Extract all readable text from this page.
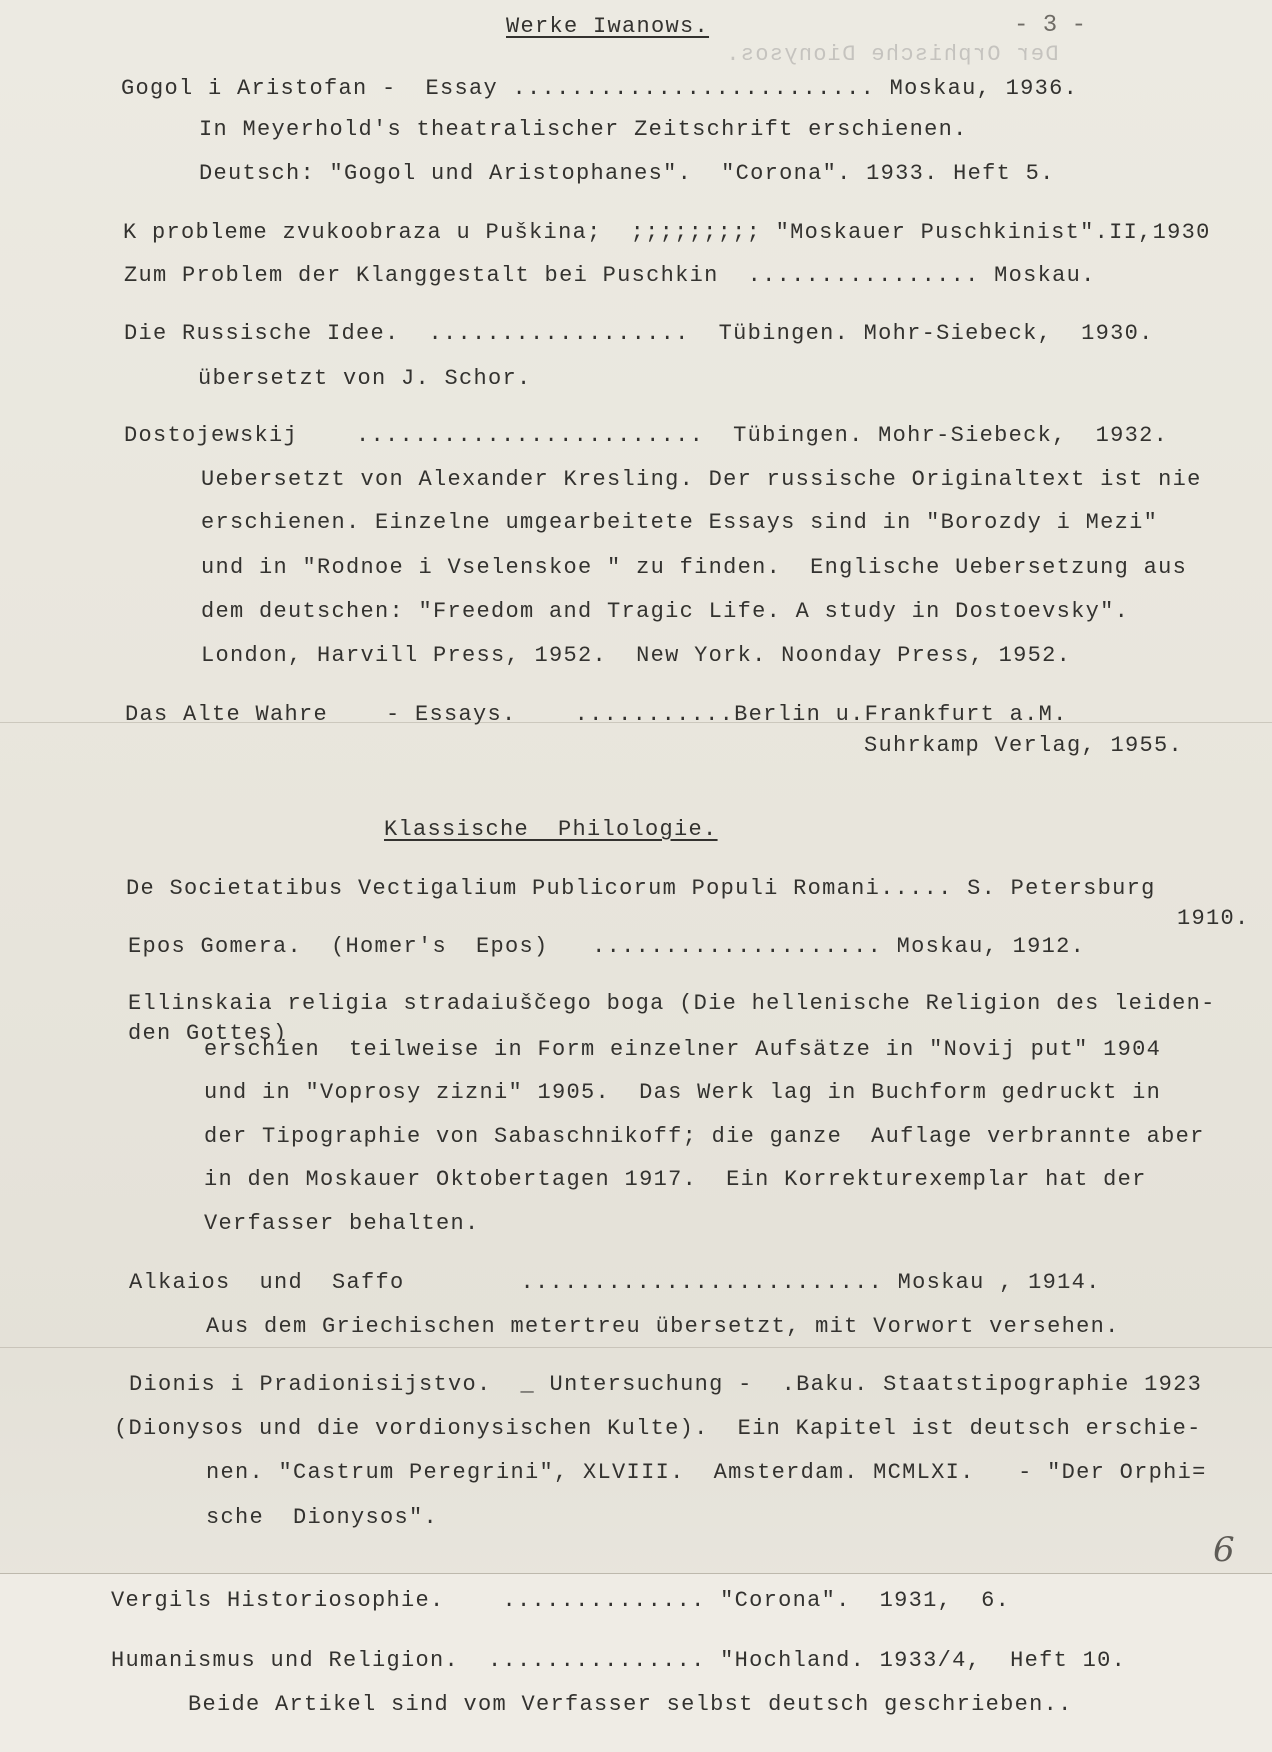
Der Orphische Dionysos.
Werke Iwanows.	- 3 -
Gogol i Aristofan -  Essay ......................... Moskau, 1936.
In Meyerhold's theatralischer Zeitschrift erschienen.
Deutsch: "Gogol und Aristophanes".  "Corona". 1933. Heft 5.
K probleme zvukoobraza u Puškina;  ;;;;;;;;; "Moskauer Puschkinist".II,1930
Zum Problem der Klanggestalt bei Puschkin  ................ Moskau.
Die Russische Idee.  ..................  Tübingen. Mohr-Siebeck,  1930.
übersetzt von J. Schor.
Dostojewskij    ........................  Tübingen. Mohr-Siebeck,  1932.
Uebersetzt von Alexander Kresling. Der russische Originaltext ist nie
erschienen. Einzelne umgearbeitete Essays sind in "Borozdy i Mezi"
und in "Rodnoe i Vselenskoe " zu finden.  Englische Uebersetzung aus
dem deutschen: "Freedom and Tragic Life. A study in Dostoevsky".
London, Harvill Press, 1952.  New York. Noonday Press, 1952.
Das Alte Wahre    - Essays.    ...........Berlin u.Frankfurt a.M.
Suhrkamp Verlag, 1955.
Klassische  Philologie.
De Societatibus Vectigalium Publicorum Populi Romani..... S. Petersburg
1910.
Epos Gomera.  (Homer's  Epos)   .................... Moskau, 1912.
Ellinskaia religia stradaiuščego boga (Die hellenische Religion des leiden-
den Gottes)
erschien  teilweise in Form einzelner Aufsätze in "Novij put" 1904
und in "Voprosy zizni" 1905.  Das Werk lag in Buchform gedruckt in
der Tipographie von Sabaschnikoff; die ganze  Auflage verbrannte aber
in den Moskauer Oktobertagen 1917.  Ein Korrekturexemplar hat der
Verfasser behalten.
Alkaios  und  Saffo        ......................... Moskau , 1914.
Aus dem Griechischen metertreu übersetzt, mit Vorwort versehen.
Dionis i Pradionisijstvo.  _ Untersuchung -  .Baku. Staatstipographie 1923
(Dionysos und die vordionysischen Kulte).  Ein Kapitel ist deutsch erschie-
nen. "Castrum Peregrini", XLVIII.  Amsterdam. MCMLXI.   - "Der Orphi=
sche  Dionysos".
6
Vergils Historiosophie.    .............. "Corona".  1931,  6.
Humanismus und Religion.  ............... "Hochland. 1933/4,  Heft 10.
Beide Artikel sind vom Verfasser selbst deutsch geschrieben..
